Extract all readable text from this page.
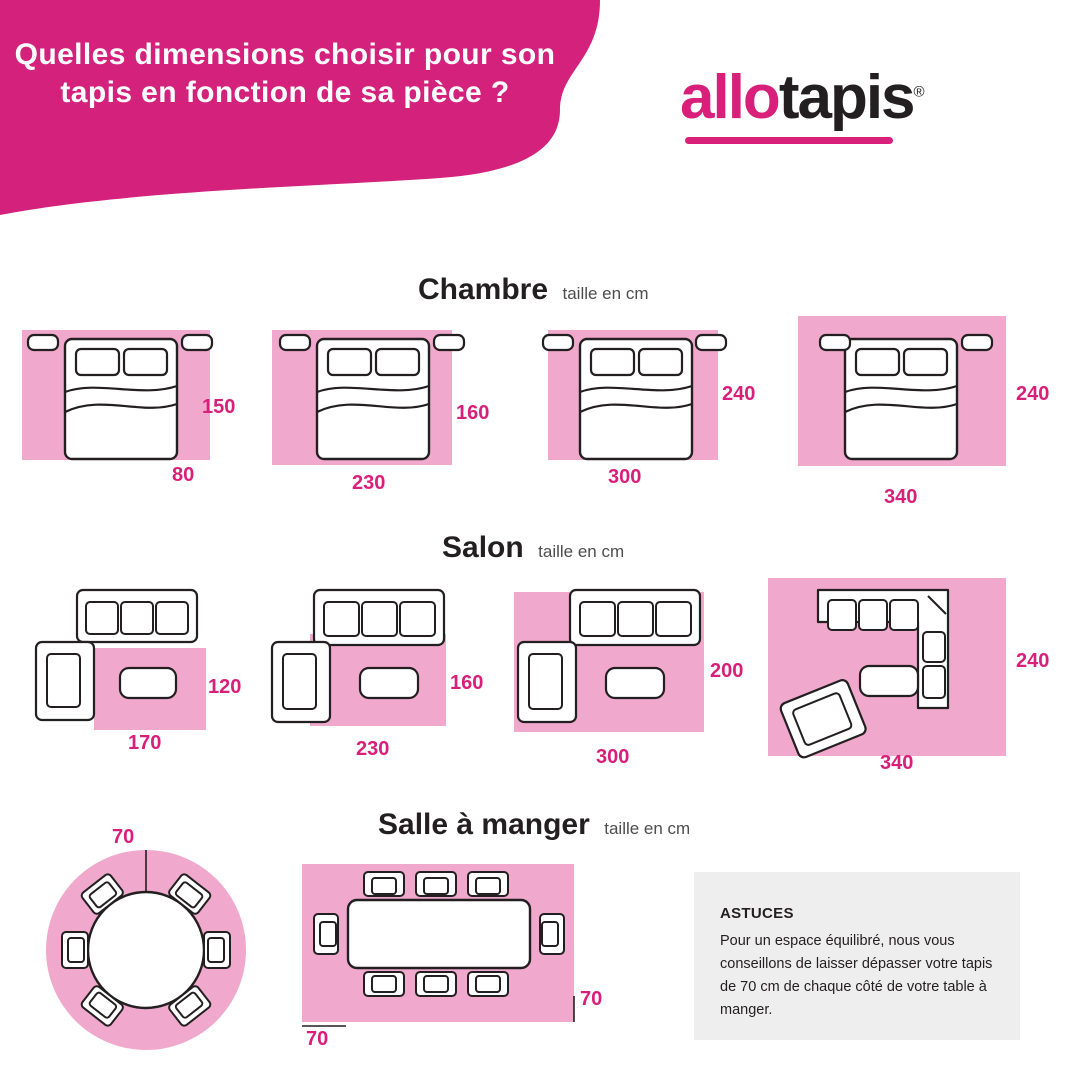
Quelles dimensions choisir pour son tapis en fonction de sa pièce ?	allotapis®
Chambre taille en cm
150
80
160
230
240
300
240
340
Salon taille en cm
120
170
160
230
200
300
240
340
Salle à manger taille en cm
70
70
70
ASTUCES

Pour un espace équilibré, nous vous conseillons de laisser dépasser votre tapis de 70 cm de chaque côté de votre table à manger.
